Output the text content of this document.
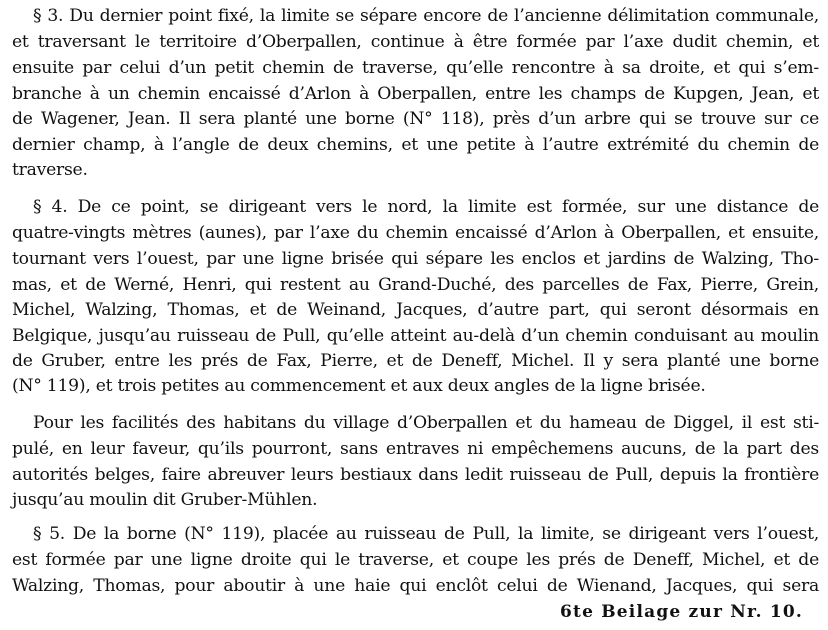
§ 3. Du dernier point fixé, la limite se sépare encore de l’ancienne délimitation communale,
et traversant le territoire d’Oberpallen, continue à être formée par l’axe dudit chemin, et
ensuite par celui d’un petit chemin de traverse, qu’elle rencontre à sa droite, et qui s’em-
branche à un chemin encaissé d’Arlon à Oberpallen, entre les champs de Kupgen, Jean, et
de Wagener, Jean. Il sera planté une borne (N° 118), près d’un arbre qui se trouve sur ce
dernier champ, à l’angle de deux chemins, et une petite à l’autre extrémité du chemin de
traverse.
§ 4. De ce point, se dirigeant vers le nord, la limite est formée, sur une distance de
quatre-vingts mètres (aunes), par l’axe du chemin encaissé d’Arlon à Oberpallen, et ensuite,
tournant vers l’ouest, par une ligne brisée qui sépare les enclos et jardins de Walzing, Tho-
mas, et de Werné, Henri, qui restent au Grand-Duché, des parcelles de Fax, Pierre, Grein,
Michel, Walzing, Thomas, et de Weinand, Jacques, d’autre part, qui seront désormais en
Belgique, jusqu’au ruisseau de Pull, qu’elle atteint au-delà d’un chemin conduisant au moulin
de Gruber, entre les prés de Fax, Pierre, et de Deneff, Michel. Il y sera planté une borne
(N° 119), et trois petites au commencement et aux deux angles de la ligne brisée.
Pour les facilités des habitans du village d’Oberpallen et du hameau de Diggel, il est sti-
pulé, en leur faveur, qu’ils pourront, sans entraves ni empêchemens aucuns, de la part des
autorités belges, faire abreuver leurs bestiaux dans ledit ruisseau de Pull, depuis la frontière
jusqu’au moulin dit Gruber-Mühlen.
§ 5. De la borne (N° 119), placée au ruisseau de Pull, la limite, se dirigeant vers l’ouest,
est formée par une ligne droite qui le traverse, et coupe les prés de Deneff, Michel, et de
Walzing, Thomas, pour aboutir à une haie qui enclôt celui de Wienand, Jacques, qui sera
6te Beilage zur Nr. 10.
